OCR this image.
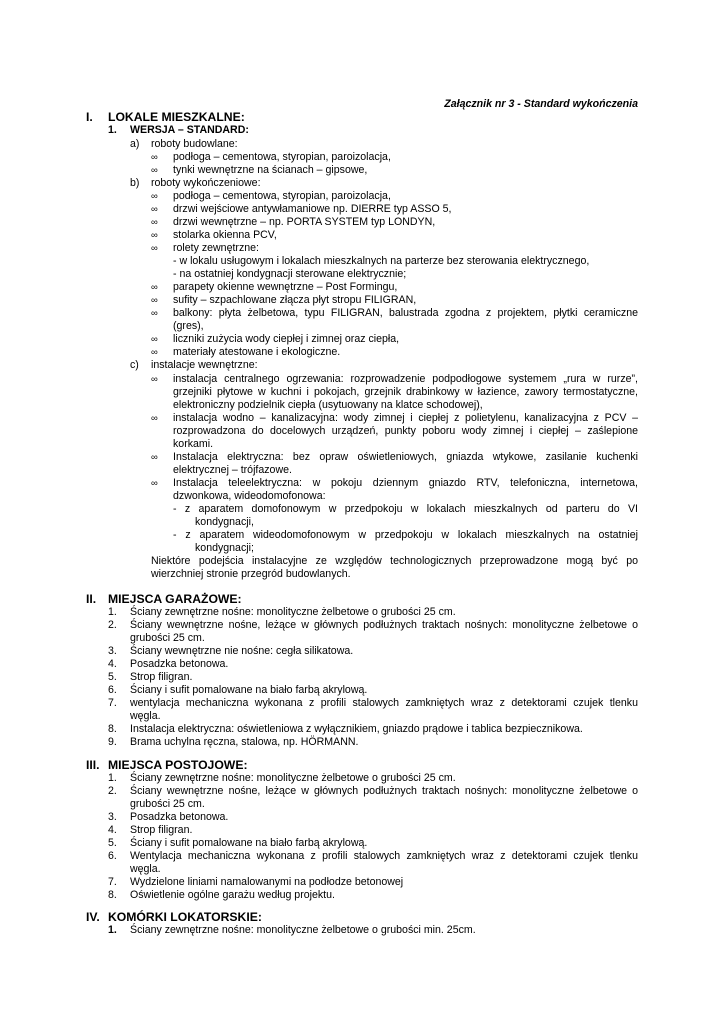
Załącznik nr 3 - Standard wykończenia
I. LOKALE MIESZKALNE:
1. WERSJA – STANDARD:
a) roboty budowlane:
∞ podłoga – cementowa, styropian, paroizolacja,
∞ tynki wewnętrzne na ścianach – gipsowe,
b) roboty wykończeniowe:
∞ podłoga – cementowa, styropian, paroizolacja,
∞ drzwi wejściowe antywłamaniowe np. DIERRE typ ASSO 5,
∞ drzwi wewnętrzne – np. PORTA SYSTEM typ LONDYN,
∞ stolarka okienna PCV,
∞ rolety zewnętrzne:
- w lokalu usługowym i lokalach mieszkalnych na parterze bez sterowania elektrycznego,
- na ostatniej kondygnacji sterowane elektrycznie;
∞ parapety okienne wewnętrzne – Post Formingu,
∞ sufity – szpachlowane złącza płyt stropu FILIGRAN,
∞ balkony: płyta żelbetowa, typu FILIGRAN, balustrada zgodna z projektem, płytki ceramiczne
(gres),
∞ liczniki zużycia wody ciepłej i zimnej oraz ciepła,
∞ materiały atestowane i ekologiczne.
c) instalacje wewnętrzne:
∞ instalacja centralnego ogrzewania: rozprowadzenie podpodłogowe systemem „rura w rurze”,
grzejniki płytowe w kuchni i pokojach, grzejnik drabinkowy w łazience, zawory termostatyczne,
elektroniczny podzielnik ciepła (usytuowany na klatce schodowej),
∞ instalacja wodno – kanalizacyjna: wody zimnej i ciepłej z polietylenu, kanalizacyjna z PCV –
rozprowadzona do docelowych urządzeń, punkty poboru wody zimnej i ciepłej – zaślepione
korkami.
∞ Instalacja elektryczna: bez opraw oświetleniowych, gniazda wtykowe, zasilanie kuchenki
elektrycznej – trójfazowe.
∞ Instalacja teleelektryczna: w pokoju dziennym gniazdo RTV, telefoniczna, internetowa,
dzwonkowa, wideodomofonowa:
- z aparatem domofonowym w przedpokoju w lokalach mieszkalnych od parteru do VI
kondygnacji,
- z aparatem wideodomofonowym w przedpokoju w lokalach mieszkalnych na ostatniej
kondygnacji;
Niektóre podejścia instalacyjne ze względów technologicznych przeprowadzone mogą być po
wierzchniej stronie przegród budowlanych.
II. MIEJSCA GARAŻOWE:
1. Ściany zewnętrzne nośne: monolityczne żelbetowe o grubości 25 cm.
2. Ściany wewnętrzne nośne, leżące w głównych podłużnych traktach nośnych: monolityczne żelbetowe o
grubości 25 cm.
3. Ściany wewnętrzne nie nośne: cegła silikatowa.
4. Posadzka betonowa.
5. Strop filigran.
6. Ściany i sufit pomalowane na biało farbą akrylową.
7. wentylacja mechaniczna wykonana z profili stalowych zamkniętych wraz z detektorami czujek tlenku
węgla.
8. Instalacja elektryczna: oświetleniowa z wyłącznikiem, gniazdo prądowe i tablica bezpiecznikowa.
9. Brama uchylna ręczna, stalowa, np. HÖRMANN.
III. MIEJSCA POSTOJOWE:
1. Ściany zewnętrzne nośne: monolityczne żelbetowe o grubości 25 cm.
2. Ściany wewnętrzne nośne, leżące w głównych podłużnych traktach nośnych: monolityczne żelbetowe o
grubości 25 cm.
3. Posadzka betonowa.
4. Strop filigran.
5. Ściany i sufit pomalowane na biało farbą akrylową.
6. Wentylacja mechaniczna wykonana z profili stalowych zamkniętych wraz z detektorami czujek tlenku
węgla.
7. Wydzielone liniami namalowanymi na podłodze betonowej
8. Oświetlenie ogólne garażu według projektu.
IV. KOMÓRKI LOKATORSKIE:
1. Ściany zewnętrzne nośne: monolityczne żelbetowe o grubości min. 25cm.
